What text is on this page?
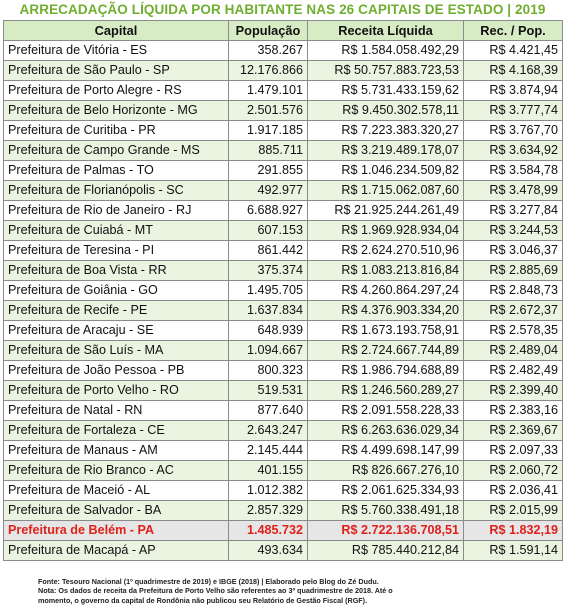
ARRECADAÇÃO LÍQUIDA POR HABITANTE NAS 26 CAPITAIS DE ESTADO | 2019
Capital	População	Receita Líquida	Rec. / Pop.
Prefeitura de Vitória - ES	358.267	R$ 1.584.058.492,29	R$ 4.421,45
Prefeitura de São Paulo - SP	12.176.866	R$ 50.757.883.723,53	R$ 4.168,39
Prefeitura de Porto Alegre - RS	1.479.101	R$ 5.731.433.159,62	R$ 3.874,94
Prefeitura de Belo Horizonte - MG	2.501.576	R$ 9.450.302.578,11	R$ 3.777,74
Prefeitura de Curitiba - PR	1.917.185	R$ 7.223.383.320,27	R$ 3.767,70
Prefeitura de Campo Grande - MS	885.711	R$ 3.219.489.178,07	R$ 3.634,92
Prefeitura de Palmas - TO	291.855	R$ 1.046.234.509,82	R$ 3.584,78
Prefeitura de Florianópolis - SC	492.977	R$ 1.715.062.087,60	R$ 3.478,99
Prefeitura de Rio de Janeiro - RJ	6.688.927	R$ 21.925.244.261,49	R$ 3.277,84
Prefeitura de Cuiabá - MT	607.153	R$ 1.969.928.934,04	R$ 3.244,53
Prefeitura de Teresina - PI	861.442	R$ 2.624.270.510,96	R$ 3.046,37
Prefeitura de Boa Vista - RR	375.374	R$ 1.083.213.816,84	R$ 2.885,69
Prefeitura de Goiânia - GO	1.495.705	R$ 4.260.864.297,24	R$ 2.848,73
Prefeitura de Recife - PE	1.637.834	R$ 4.376.903.334,20	R$ 2.672,37
Prefeitura de Aracaju - SE	648.939	R$ 1.673.193.758,91	R$ 2.578,35
Prefeitura de São Luís - MA	1.094.667	R$ 2.724.667.744,89	R$ 2.489,04
Prefeitura de João Pessoa - PB	800.323	R$ 1.986.794.688,89	R$ 2.482,49
Prefeitura de Porto Velho - RO	519.531	R$ 1.246.560.289,27	R$ 2.399,40
Prefeitura de Natal - RN	877.640	R$ 2.091.558.228,33	R$ 2.383,16
Prefeitura de Fortaleza - CE	2.643.247	R$ 6.263.636.029,34	R$ 2.369,67
Prefeitura de Manaus - AM	2.145.444	R$ 4.499.698.147,99	R$ 2.097,33
Prefeitura de Rio Branco - AC	401.155	R$ 826.667.276,10	R$ 2.060,72
Prefeitura de Maceió - AL	1.012.382	R$ 2.061.625.334,93	R$ 2.036,41
Prefeitura de Salvador - BA	2.857.329	R$ 5.760.338.491,18	R$ 2.015,99
Prefeitura de Belém - PA	1.485.732	R$ 2.722.136.708,51	R$ 1.832,19
Prefeitura de Macapá - AP	493.634	R$ 785.440.212,84	R$ 1.591,14
Fonte: Tesouro Nacional (1º quadrimestre de 2019) e IBGE (2018) | Elaborado pelo Blog do Zé Dudu.
Nota: Os dados de receita da Prefeitura de Porto Velho são referentes ao 3º quadrimestre de 2018. Até o
momento, o governo da capital de Rondônia não publicou seu Relatório de Gestão Fiscal (RGF).
